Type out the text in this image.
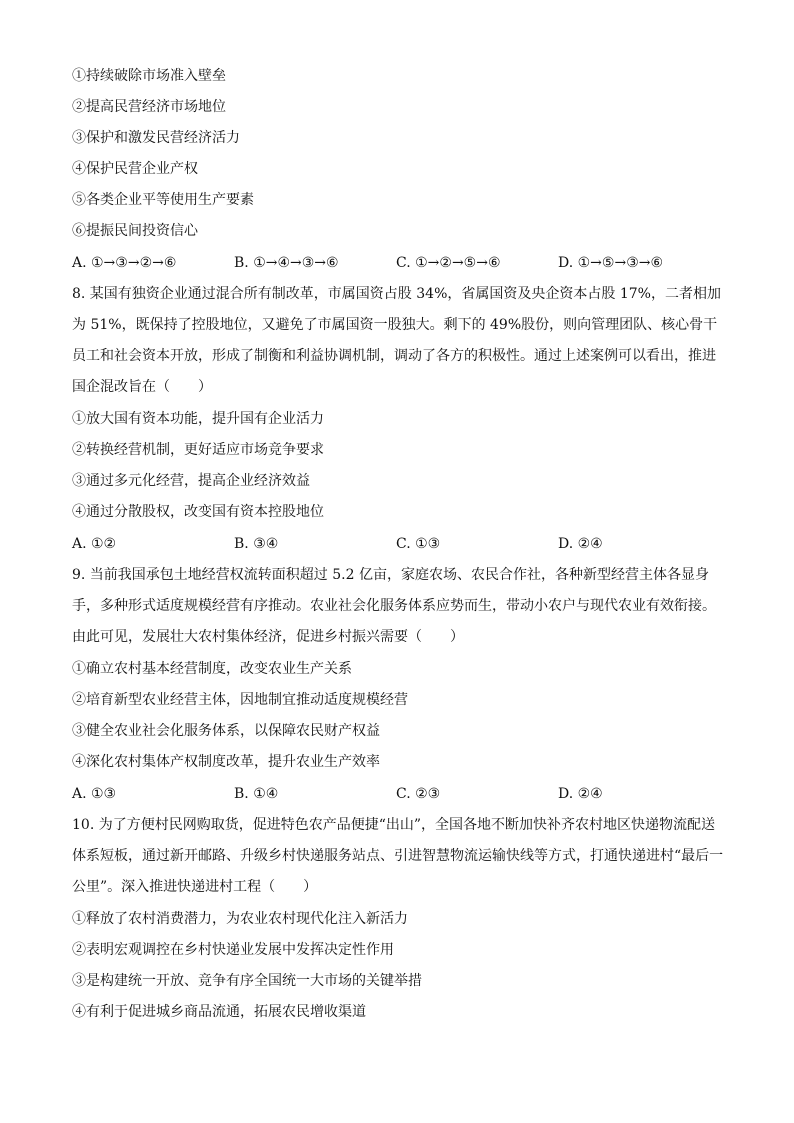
①持续破除市场准入壁垒
②提高民营经济市场地位
③保护和激发民营经济活力
④保护民营企业产权
⑤各类企业平等使用生产要素
⑥提振民间投资信心
A. ①→③→②→⑥	B. ①→④→③→⑥	C. ①→②→⑤→⑥	D. ①→⑤→③→⑥
8. 某国有独资企业通过混合所有制改革，市属国资占股 34%，省属国资及央企资本占股 17%，二者相加为 51%，既保持了控股地位，又避免了市属国资一股独大。剩下的 49%股份，则向管理团队、核心骨干员工和社会资本开放，形成了制衡和利益协调机制，调动了各方的积极性。通过上述案例可以看出，推进国企混改旨在（　　）
①放大国有资本功能，提升国有企业活力
②转换经营机制，更好适应市场竞争要求
③通过多元化经营，提高企业经济效益
④通过分散股权，改变国有资本控股地位
A. ①②	B. ③④	C. ①③	D. ②④
9. 当前我国承包土地经营权流转面积超过 5.2 亿亩，家庭农场、农民合作社，各种新型经营主体各显身手，多种形式适度规模经营有序推动。农业社会化服务体系应势而生，带动小农户与现代农业有效衔接。由此可见，发展壮大农村集体经济，促进乡村振兴需要（　　）
①确立农村基本经营制度，改变农业生产关系
②培育新型农业经营主体，因地制宜推动适度规模经营
③健全农业社会化服务体系，以保障农民财产权益
④深化农村集体产权制度改革，提升农业生产效率
A. ①③	B. ①④	C. ②③	D. ②④
10. 为了方便村民网购取货，促进特色农产品便捷“出山”，全国各地不断加快补齐农村地区快递物流配送体系短板，通过新开邮路、升级乡村快递服务站点、引进智慧物流运输快线等方式，打通快递进村“最后一公里”。深入推进快递进村工程（　　）
①释放了农村消费潜力，为农业农村现代化注入新活力
②表明宏观调控在乡村快递业发展中发挥决定性作用
③是构建统一开放、竞争有序全国统一大市场的关键举措
④有利于促进城乡商品流通，拓展农民增收渠道
